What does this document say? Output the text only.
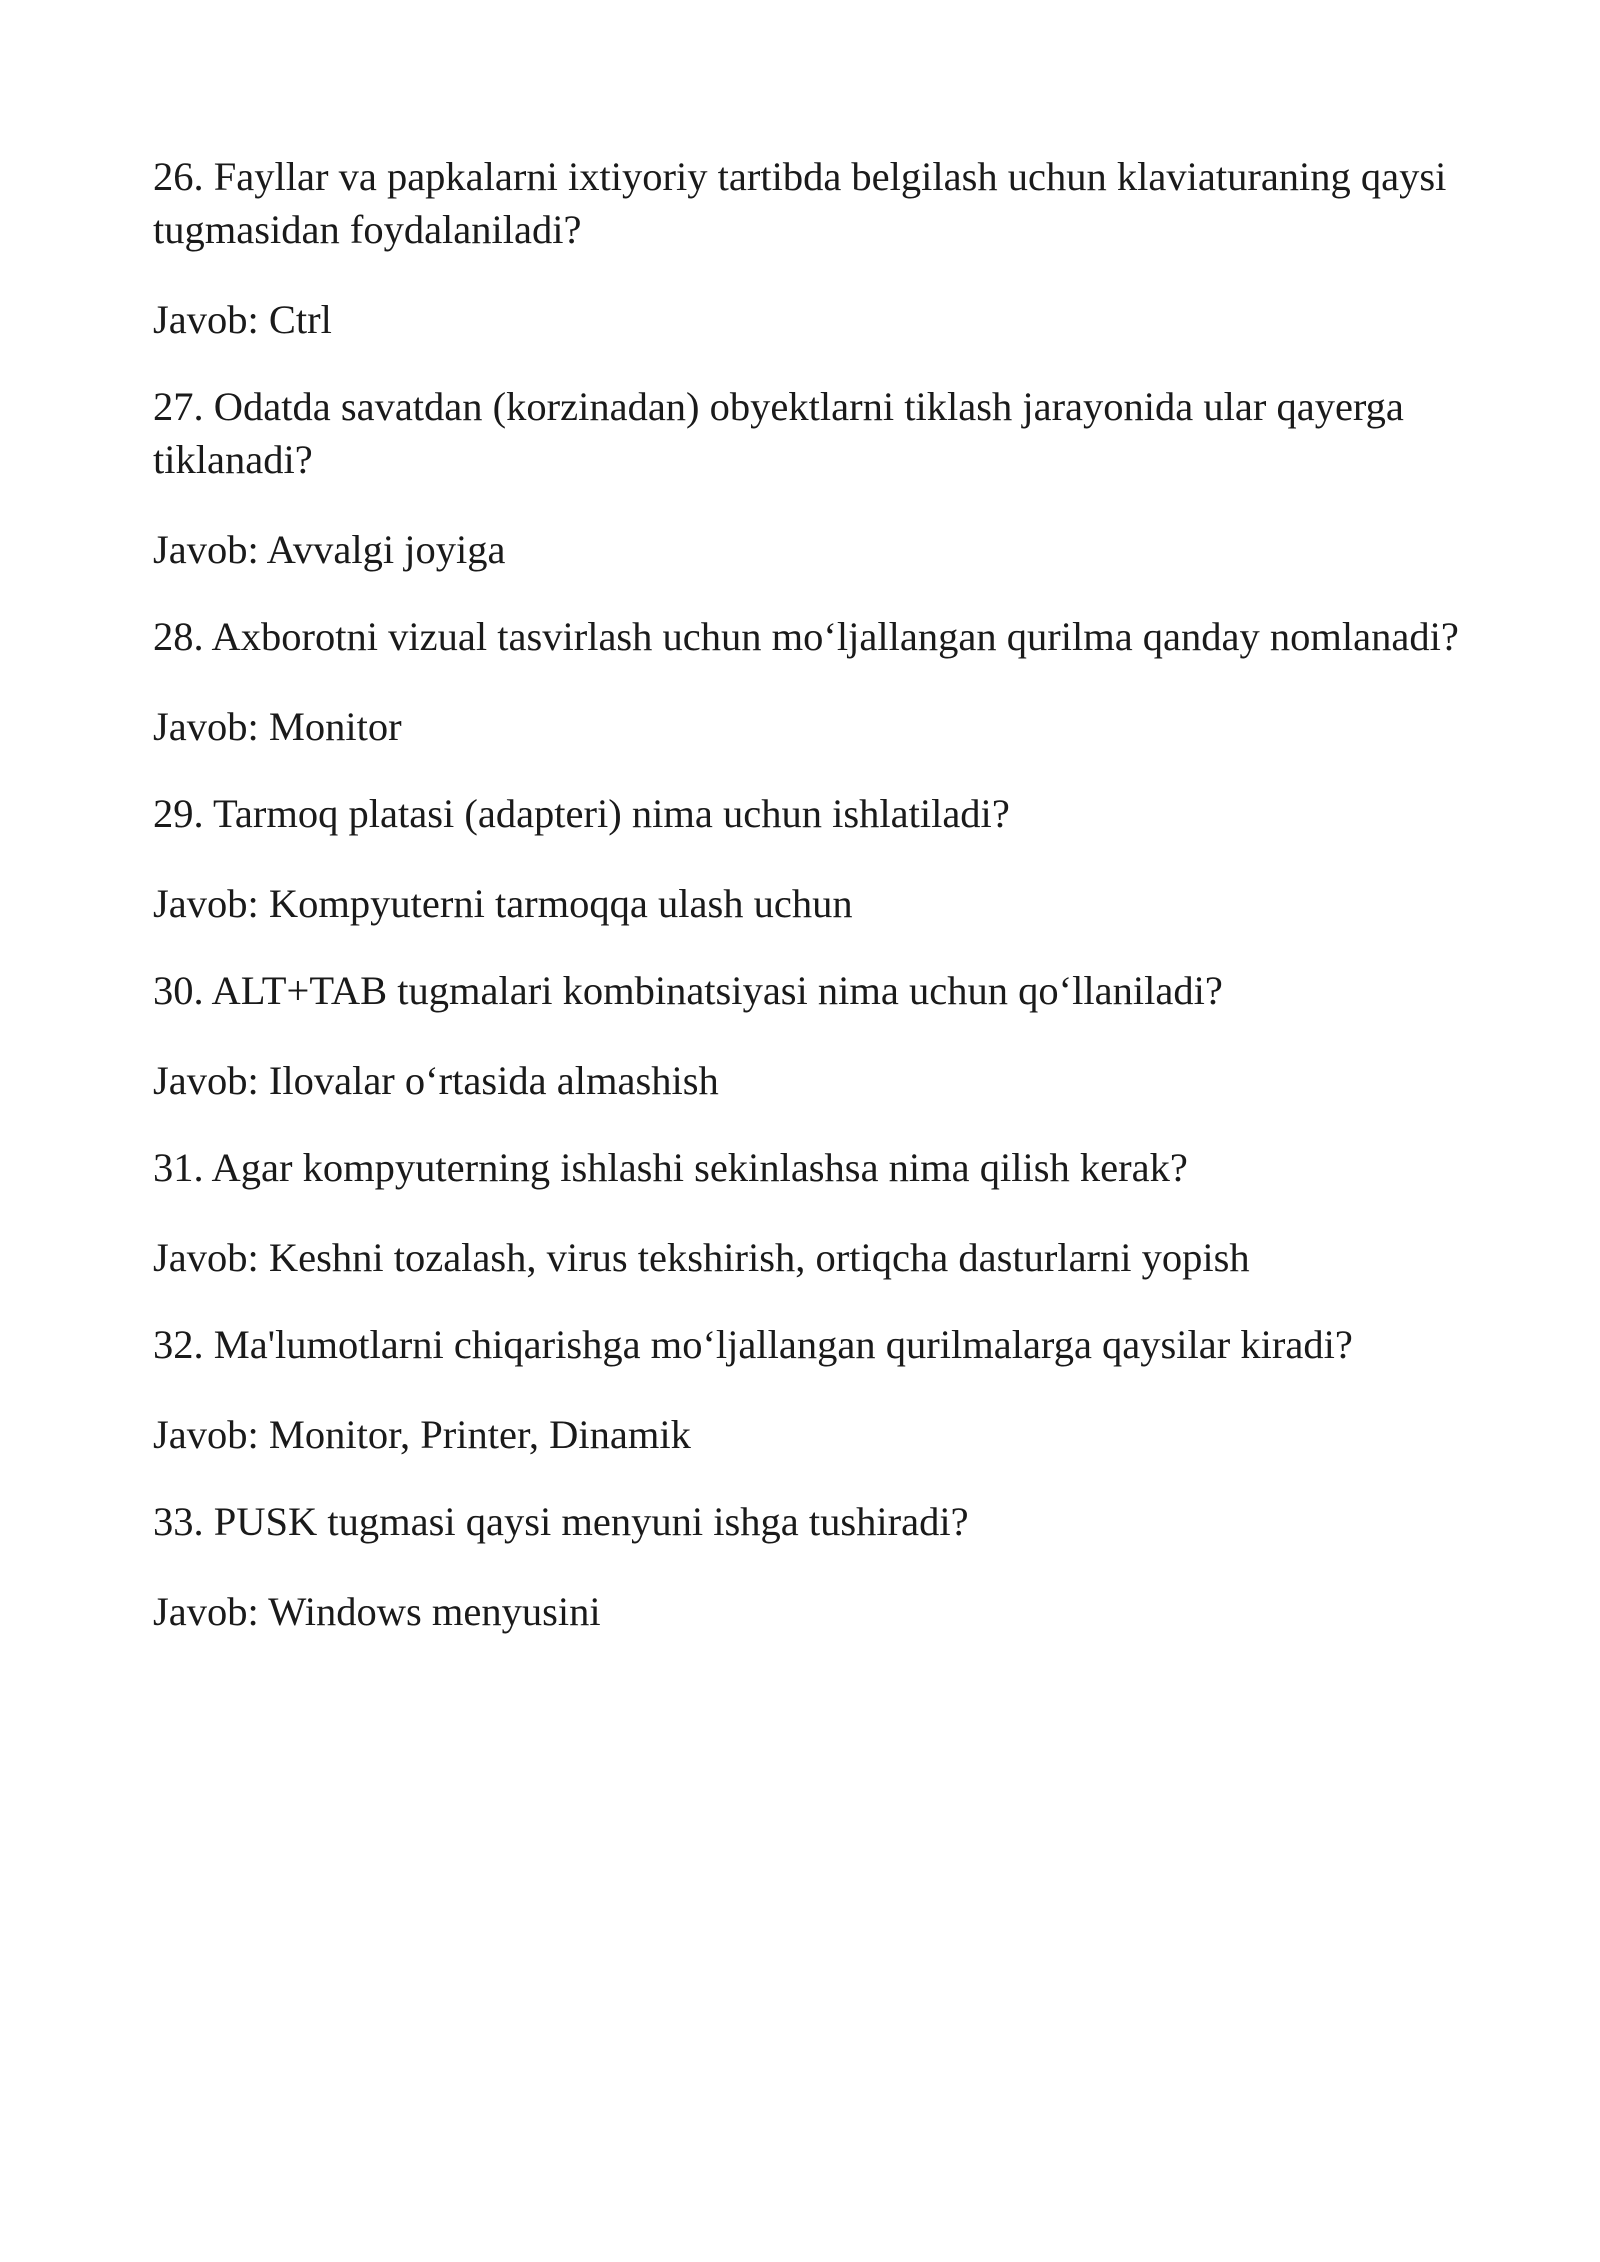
26. Fayllar va papkalarni ixtiyoriy tartibda belgilash uchun klaviaturaning qaysi tugmasidan foydalaniladi?

Javob: Ctrl

27. Odatda savatdan (korzinadan) obyektlarni tiklash jarayonida ular qayerga tiklanadi?

Javob: Avvalgi joyiga

28. Axborotni vizual tasvirlash uchun mo‘ljallangan qurilma qanday nomlanadi?

Javob: Monitor

29. Tarmoq platasi (adapteri) nima uchun ishlatiladi?

Javob: Kompyuterni tarmoqqa ulash uchun

30. ALT+TAB tugmalari kombinatsiyasi nima uchun qo‘llaniladi?

Javob: Ilovalar o‘rtasida almashish

31. Agar kompyuterning ishlashi sekinlashsa nima qilish kerak?

Javob: Keshni tozalash, virus tekshirish, ortiqcha dasturlarni yopish

32. Ma'lumotlarni chiqarishga mo‘ljallangan qurilmalarga qaysilar kiradi?

Javob: Monitor, Printer, Dinamik

33. PUSK tugmasi qaysi menyuni ishga tushiradi?

Javob: Windows menyusini
